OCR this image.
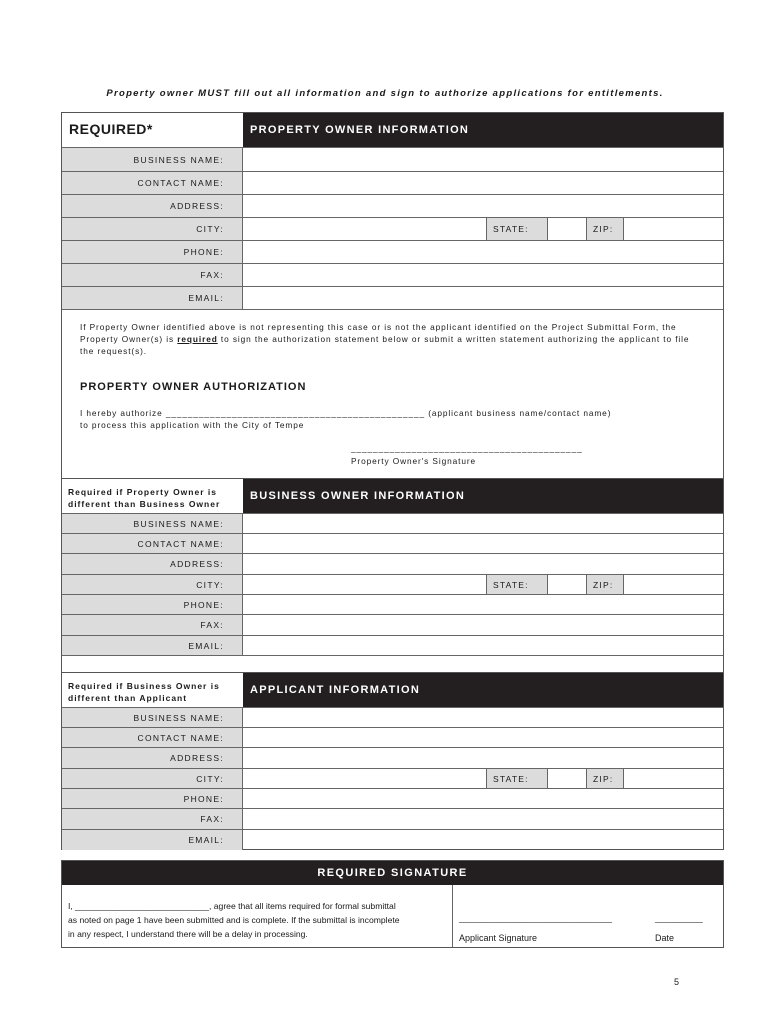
Property owner MUST fill out all information and sign to authorize applications for entitlements.
REQUIRED*	PROPERTY OWNER INFORMATION
BUSINESS NAME:
CONTACT NAME:
ADDRESS:
CITY:	STATE:	ZIP:
PHONE:
FAX:
EMAIL:
If Property Owner identified above is not representing this case or is not the applicant identified on the Project Submittal Form, the Property Owner(s) is required to sign the authorization statement below or submit a written statement authorizing the applicant to file the request(s).
PROPERTY OWNER AUTHORIZATION
I hereby authorize _______________________________________________ (applicant business name/contact name)
to process this application with the City of Tempe
__________________________________________
Property Owner's Signature
Required if Property Owner is
different than Business Owner
BUSINESS OWNER INFORMATION
BUSINESS NAME:
CONTACT NAME:
ADDRESS:
CITY:	STATE:	ZIP:
PHONE:
FAX:
EMAIL:
Required if Business Owner is
different than Applicant
APPLICANT INFORMATION
BUSINESS NAME:
CONTACT NAME:
ADDRESS:
CITY:	STATE:	ZIP:
PHONE:
FAX:
EMAIL:
REQUIRED SIGNATURE
I, ____________________________, agree that all items required for formal submittal
as noted on page 1 have been submitted and is complete. If the submittal is incomplete
in any respect, I understand there will be a delay in processing.
________________________________	__________
Applicant Signature	Date
5
